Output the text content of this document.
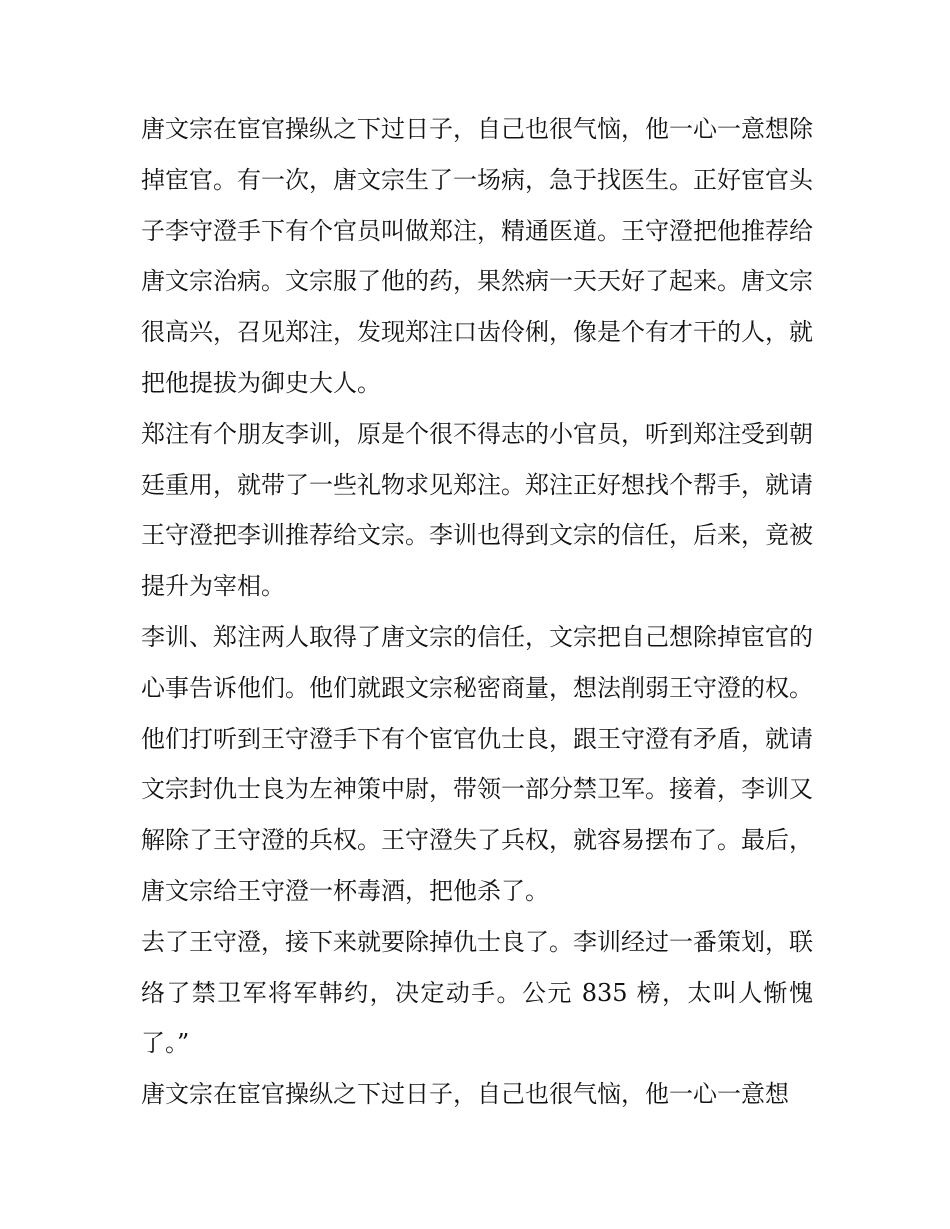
唐文宗在宦官操纵之下过日子，自己也很气恼，他一心一意想除掉宦官。有一次，唐文宗生了一场病，急于找医生。正好宦官头子李守澄手下有个官员叫做郑注，精通医道。王守澄把他推荐给唐文宗治病。文宗服了他的药，果然病一天天好了起来。唐文宗很高兴，召见郑注，发现郑注口齿伶俐，像是个有才干的人，就把他提拔为御史大人。

郑注有个朋友李训，原是个很不得志的小官员，听到郑注受到朝廷重用，就带了一些礼物求见郑注。郑注正好想找个帮手，就请王守澄把李训推荐给文宗。李训也得到文宗的信任，后来，竟被提升为宰相。

李训、郑注两人取得了唐文宗的信任，文宗把自己想除掉宦官的心事告诉他们。他们就跟文宗秘密商量，想法削弱王守澄的权。他们打听到王守澄手下有个宦官仇士良，跟王守澄有矛盾，就请文宗封仇士良为左神策中尉，带领一部分禁卫军。接着，李训又解除了王守澄的兵权。王守澄失了兵权，就容易摆布了。最后，唐文宗给王守澄一杯毒酒，把他杀了。

去了王守澄，接下来就要除掉仇士良了。李训经过一番策划，联络了禁卫军将军韩约，决定动手。公元 835 榜，太叫人惭愧了。”

唐文宗在宦官操纵之下过日子，自己也很气恼，他一心一意想
